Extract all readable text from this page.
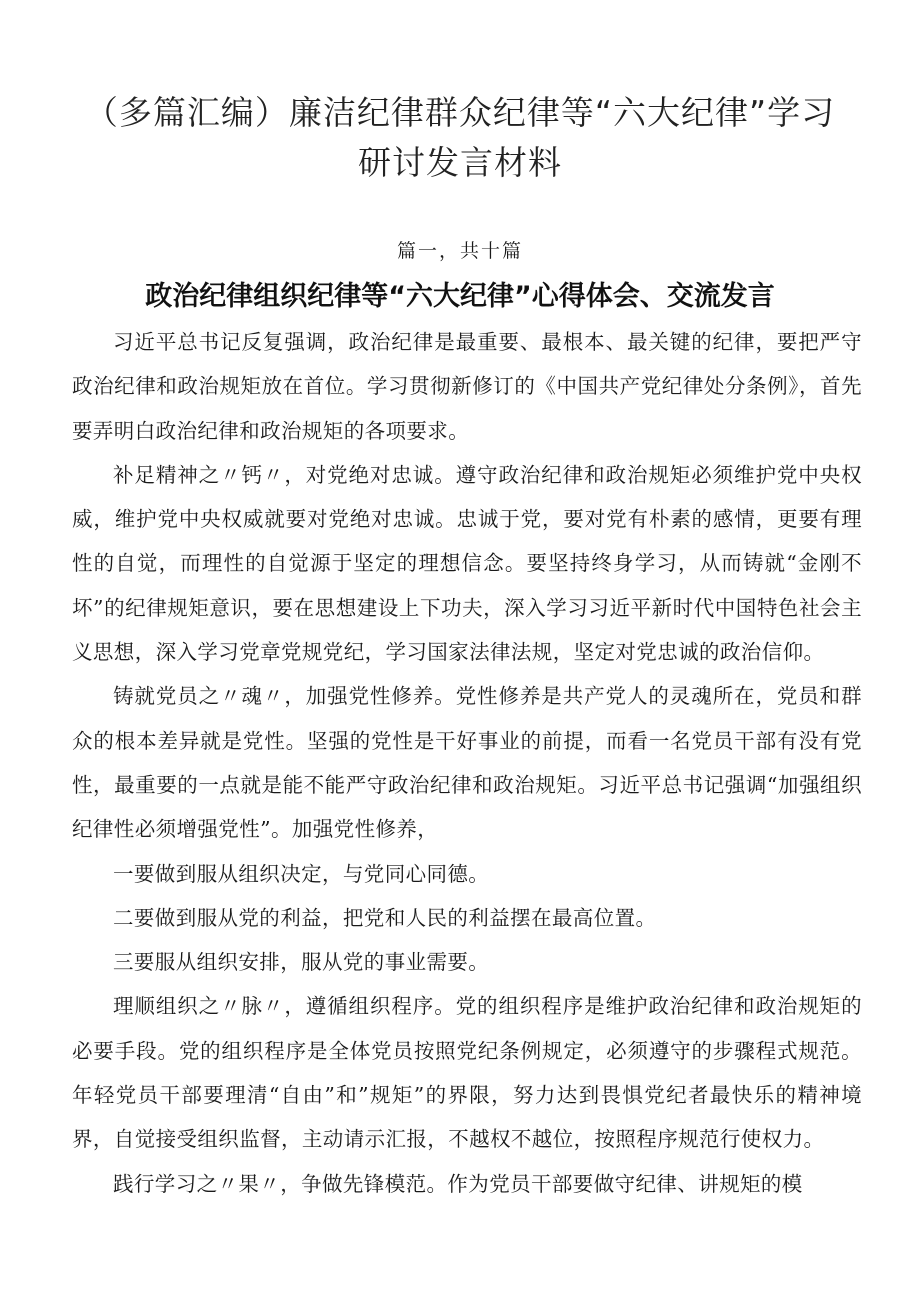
（多篇汇编）廉洁纪律群众纪律等“六大纪律”学习研讨发言材料

篇一，共十篇

政治纪律组织纪律等“六大纪律”心得体会、交流发言

习近平总书记反复强调，政治纪律是最重要、最根本、最关键的纪律，要把严守政治纪律和政治规矩放在首位。学习贯彻新修订的《中国共产党纪律处分条例》，首先要弄明白政治纪律和政治规矩的各项要求。

补足精神之〃钙〃，对党绝对忠诚。遵守政治纪律和政治规矩必须维护党中央权威，维护党中央权威就要对党绝对忠诚。忠诚于党，要对党有朴素的感情，更要有理性的自觉，而理性的自觉源于坚定的理想信念。要坚持终身学习，从而铸就“金刚不坏”的纪律规矩意识，要在思想建设上下功夫，深入学习习近平新时代中国特色社会主义思想，深入学习党章党规党纪，学习国家法律法规，坚定对党忠诚的政治信仰。

铸就党员之〃魂〃，加强党性修养。党性修养是共产党人的灵魂所在，党员和群众的根本差异就是党性。坚强的党性是干好事业的前提，而看一名党员干部有没有党性，最重要的一点就是能不能严守政治纪律和政治规矩。习近平总书记强调“加强组织纪律性必须增强党性”。加强党性修养，

一要做到服从组织决定，与党同心同德。

二要做到服从党的利益，把党和人民的利益摆在最高位置。

三要服从组织安排，服从党的事业需要。

理顺组织之〃脉〃，遵循组织程序。党的组织程序是维护政治纪律和政治规矩的必要手段。党的组织程序是全体党员按照党纪条例规定，必须遵守的步骤程式规范。年轻党员干部要理清“自由”和”规矩”的界限，努力达到畏惧党纪者最快乐的精神境界，自觉接受组织监督，主动请示汇报，不越权不越位，按照程序规范行使权力。

践行学习之〃果〃，争做先锋模范。作为党员干部要做守纪律、讲规矩的模
